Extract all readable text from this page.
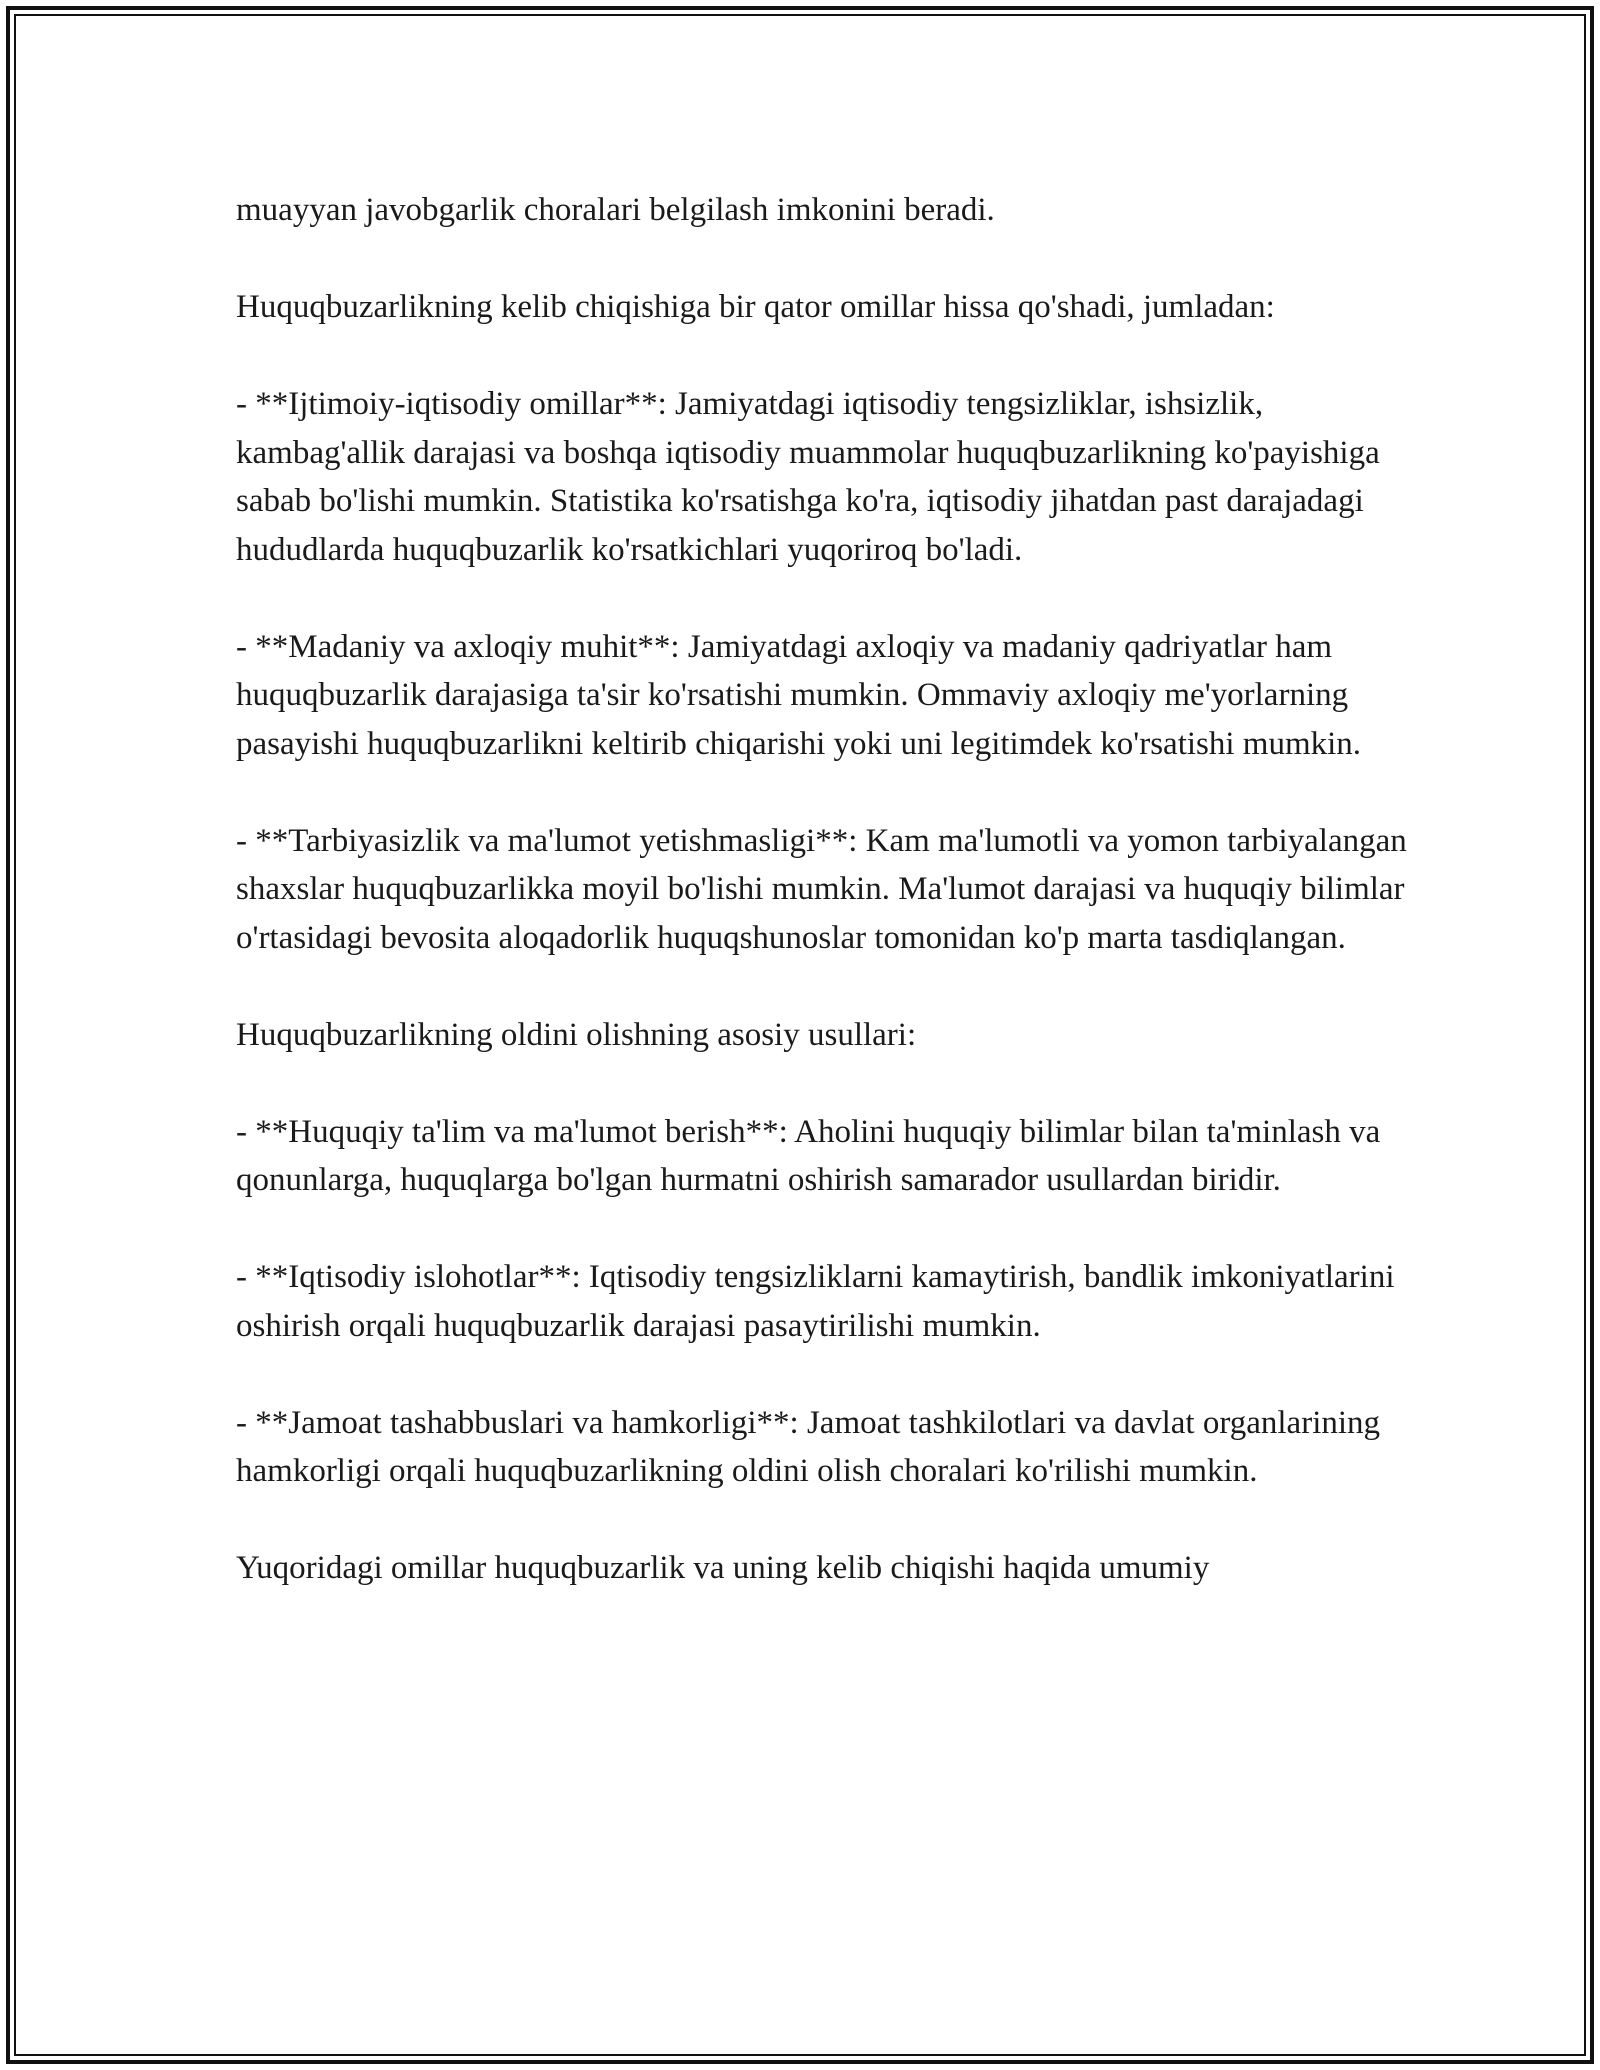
muayyan javobgarlik choralari belgilash imkonini beradi.

Huquqbuzarlikning kelib chiqishiga bir qator omillar hissa qo'shadi, jumladan:

- **Ijtimoiy-iqtisodiy omillar**: Jamiyatdagi iqtisodiy tengsizliklar, ishsizlik, kambag'allik darajasi va boshqa iqtisodiy muammolar huquqbuzarlikning ko'payishiga sabab bo'lishi mumkin. Statistika ko'rsatishga ko'ra, iqtisodiy jihatdan past darajadagi hududlarda huquqbuzarlik ko'rsatkichlari yuqoriroq bo'ladi.

- **Madaniy va axloqiy muhit**: Jamiyatdagi axloqiy va madaniy qadriyatlar ham huquqbuzarlik darajasiga ta'sir ko'rsatishi mumkin. Ommaviy axloqiy me'yorlarning pasayishi huquqbuzarlikni keltirib chiqarishi yoki uni legitimdek ko'rsatishi mumkin.

- **Tarbiyasizlik va ma'lumot yetishmasligi**: Kam ma'lumotli va yomon tarbiyalangan shaxslar huquqbuzarlikka moyil bo'lishi mumkin. Ma'lumot darajasi va huquqiy bilimlar o'rtasidagi bevosita aloqadorlik huquqshunoslar tomonidan ko'p marta tasdiqlangan.

Huquqbuzarlikning oldini olishning asosiy usullari:

- **Huquqiy ta'lim va ma'lumot berish**: Aholini huquqiy bilimlar bilan ta'minlash va qonunlarga, huquqlarga bo'lgan hurmatni oshirish samarador usullardan biridir.

- **Iqtisodiy islohotlar**: Iqtisodiy tengsizliklarni kamaytirish, bandlik imkoniyatlarini oshirish orqali huquqbuzarlik darajasi pasaytirilishi mumkin.

- **Jamoat tashabbuslari va hamkorligi**: Jamoat tashkilotlari va davlat organlarining hamkorligi orqali huquqbuzarlikning oldini olish choralari ko'rilishi mumkin.

Yuqoridagi omillar huquqbuzarlik va uning kelib chiqishi haqida umumiy
